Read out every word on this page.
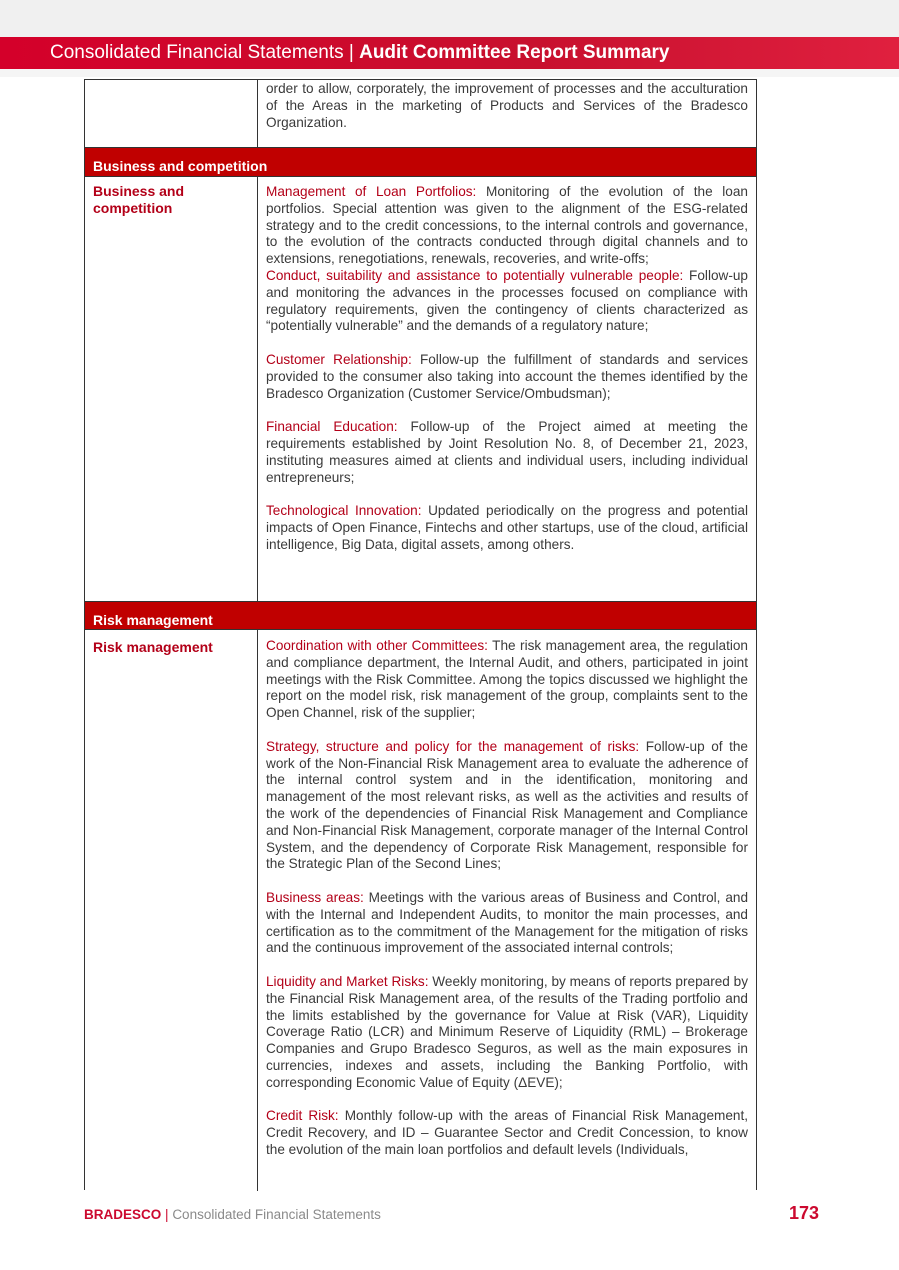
Consolidated Financial Statements | Audit Committee Report Summary

order to allow, corporately, the improvement of processes and the acculturation of the Areas in the marketing of Products and Services of the Bradesco Organization.

Business and competition
Business and competition

Management of Loan Portfolios: Monitoring of the evolution of the loan portfolios. Special attention was given to the alignment of the ESG-related strategy and to the credit concessions, to the internal controls and governance, to the evolution of the contracts conducted through digital channels and to extensions, renegotiations, renewals, recoveries, and write-offs;

Conduct, suitability and assistance to potentially vulnerable people: Follow-up and monitoring the advances in the processes focused on compliance with regulatory requirements, given the contingency of clients characterized as “potentially vulnerable” and the demands of a regulatory nature;

Customer Relationship: Follow-up the fulfillment of standards and services provided to the consumer also taking into account the themes identified by the Bradesco Organization (Customer Service/Ombudsman);

Financial Education: Follow-up of the Project aimed at meeting the requirements established by Joint Resolution No. 8, of December 21, 2023, instituting measures aimed at clients and individual users, including individual entrepreneurs;

Technological Innovation: Updated periodically on the progress and potential impacts of Open Finance, Fintechs and other startups, use of the cloud, artificial intelligence, Big Data, digital assets, among others.

Risk management
Risk management	Coordination with other Committees: The risk management area, the regulation and compliance department, the Internal Audit, and others, participated in joint meetings with the Risk Committee. Among the topics discussed we highlight the report on the model risk, risk management of the group, complaints sent to the Open Channel, risk of the supplier;

Strategy, structure and policy for the management of risks: Follow-up of the work of the Non-Financial Risk Management area to evaluate the adherence of the internal control system and in the identification, monitoring and management of the most relevant risks, as well as the activities and results of the work of the dependencies of Financial Risk Management and Compliance and Non-Financial Risk Management, corporate manager of the Internal Control System, and the dependency of Corporate Risk Management, responsible for the Strategic Plan of the Second Lines;

Business areas: Meetings with the various areas of Business and Control, and with the Internal and Independent Audits, to monitor the main processes, and certification as to the commitment of the Management for the mitigation of risks and the continuous improvement of the associated internal controls;

Liquidity and Market Risks: Weekly monitoring, by means of reports prepared by the Financial Risk Management area, of the results of the Trading portfolio and the limits established by the governance for Value at Risk (VAR), Liquidity Coverage Ratio (LCR) and Minimum Reserve of Liquidity (RML) – Brokerage Companies and Grupo Bradesco Seguros, as well as the main exposures in currencies, indexes and assets, including the Banking Portfolio, with corresponding Economic Value of Equity (ΔEVE);

Credit Risk: Monthly follow-up with the areas of Financial Risk Management, Credit Recovery, and ID – Guarantee Sector and Credit Concession, to know the evolution of the main loan portfolios and default levels (Individuals,

BRADESCO | Consolidated Financial Statements	173
